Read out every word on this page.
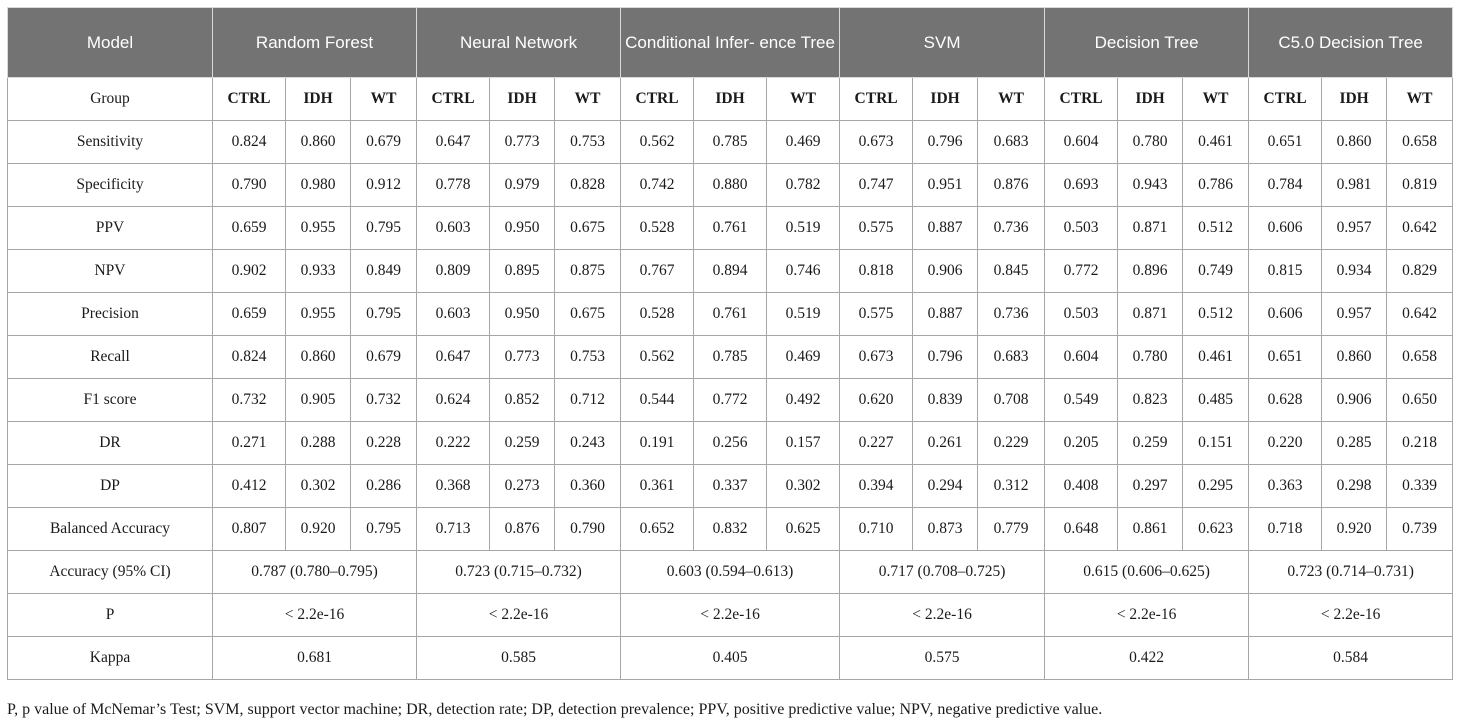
Model	Random Forest			Neural Network			Conditional Infer- ence Tree			SVM			Decision Tree			C5.0 Decision Tree		
Group	CTRL	IDH	WT	CTRL	IDH	WT	CTRL	IDH	WT	CTRL	IDH	WT	CTRL	IDH	WT	CTRL	IDH	WT
Sensitivity	0.824	0.860	0.679	0.647	0.773	0.753	0.562	0.785	0.469	0.673	0.796	0.683	0.604	0.780	0.461	0.651	0.860	0.658
Specificity	0.790	0.980	0.912	0.778	0.979	0.828	0.742	0.880	0.782	0.747	0.951	0.876	0.693	0.943	0.786	0.784	0.981	0.819
PPV	0.659	0.955	0.795	0.603	0.950	0.675	0.528	0.761	0.519	0.575	0.887	0.736	0.503	0.871	0.512	0.606	0.957	0.642
NPV	0.902	0.933	0.849	0.809	0.895	0.875	0.767	0.894	0.746	0.818	0.906	0.845	0.772	0.896	0.749	0.815	0.934	0.829
Precision	0.659	0.955	0.795	0.603	0.950	0.675	0.528	0.761	0.519	0.575	0.887	0.736	0.503	0.871	0.512	0.606	0.957	0.642
Recall	0.824	0.860	0.679	0.647	0.773	0.753	0.562	0.785	0.469	0.673	0.796	0.683	0.604	0.780	0.461	0.651	0.860	0.658
F1 score	0.732	0.905	0.732	0.624	0.852	0.712	0.544	0.772	0.492	0.620	0.839	0.708	0.549	0.823	0.485	0.628	0.906	0.650
DR	0.271	0.288	0.228	0.222	0.259	0.243	0.191	0.256	0.157	0.227	0.261	0.229	0.205	0.259	0.151	0.220	0.285	0.218
DP	0.412	0.302	0.286	0.368	0.273	0.360	0.361	0.337	0.302	0.394	0.294	0.312	0.408	0.297	0.295	0.363	0.298	0.339
Balanced Accuracy	0.807	0.920	0.795	0.713	0.876	0.790	0.652	0.832	0.625	0.710	0.873	0.779	0.648	0.861	0.623	0.718	0.920	0.739
Accuracy (95% CI)	0.787 (0.780–0.795)			0.723 (0.715–0.732)			0.603 (0.594–0.613)			0.717 (0.708–0.725)			0.615 (0.606–0.625)			0.723 (0.714–0.731)		
P	< 2.2e-16			< 2.2e-16			< 2.2e-16			< 2.2e-16			< 2.2e-16			< 2.2e-16		
Kappa	0.681			0.585			0.405			0.575			0.422			0.584		
P, p value of McNemar’s Test; SVM, support vector machine; DR, detection rate; DP, detection prevalence; PPV, positive predictive value; NPV, negative predictive value.
